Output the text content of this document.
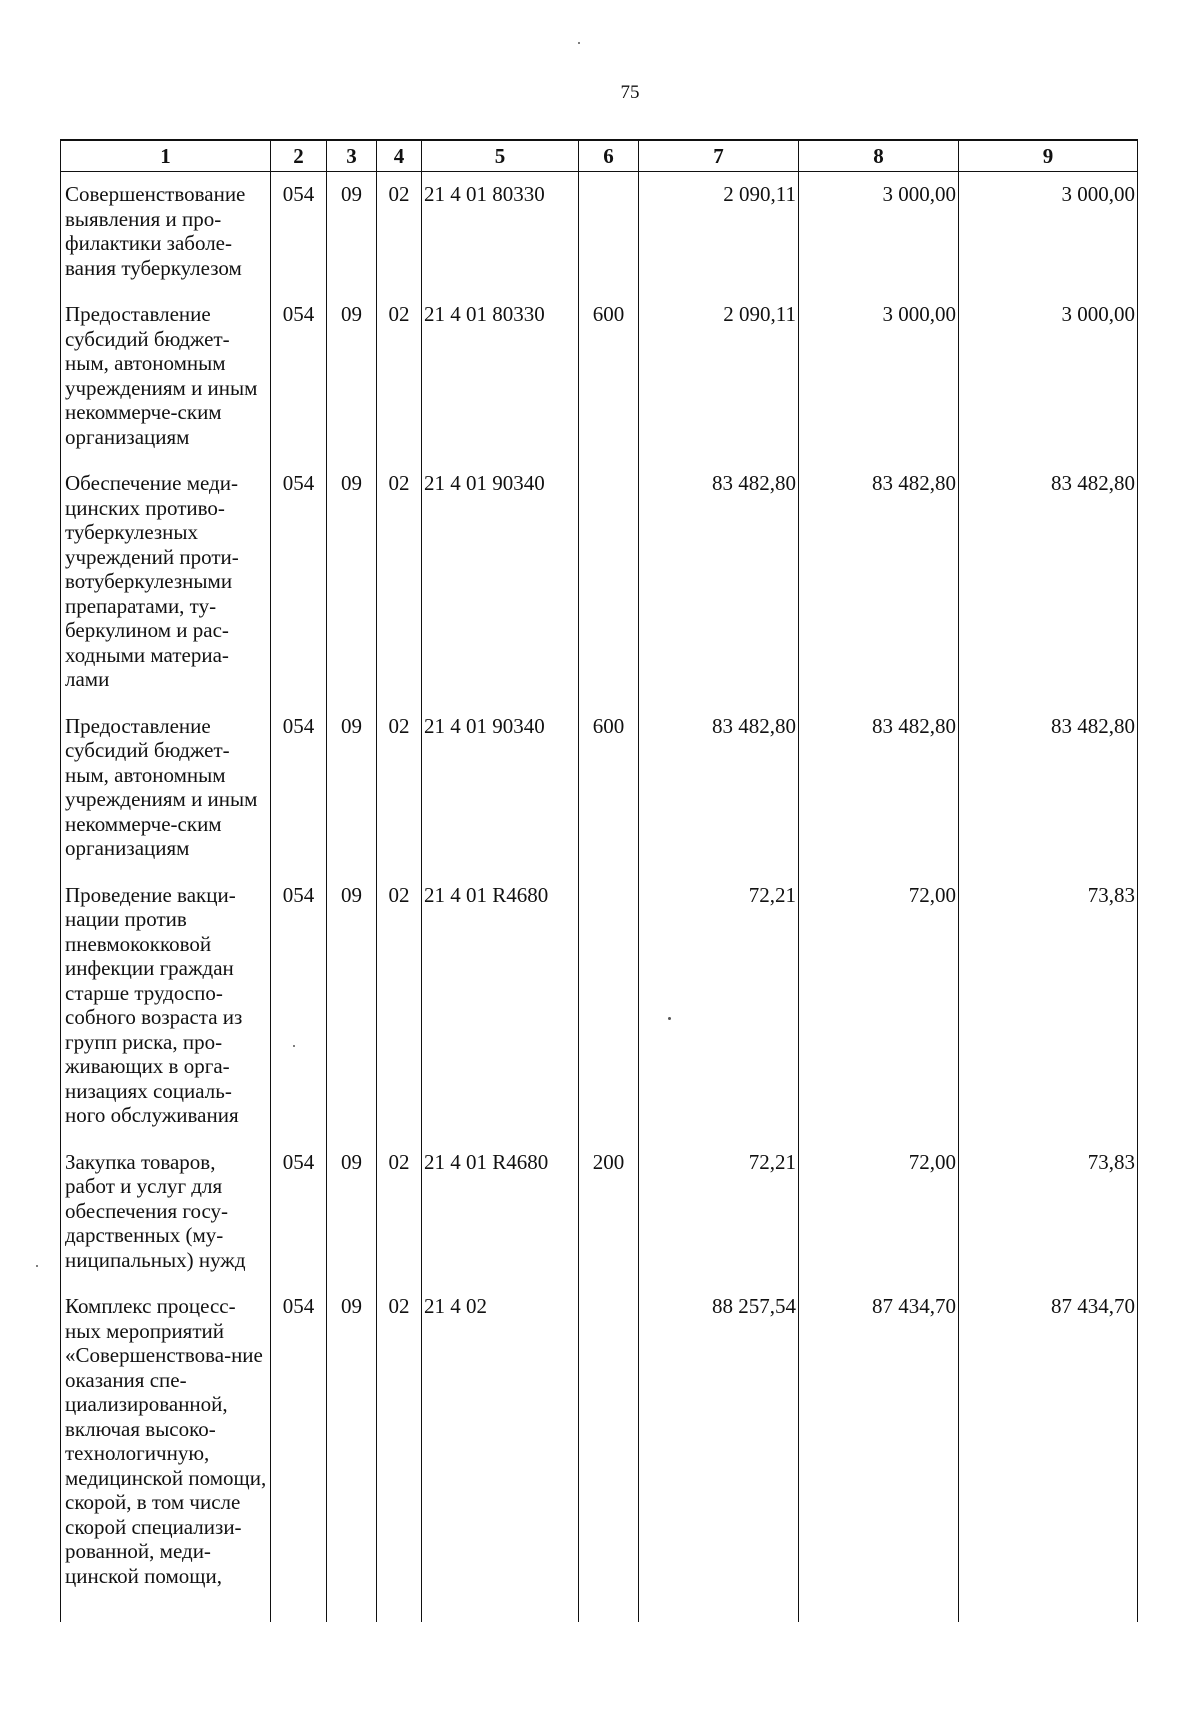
75
1	2	3	4	5	6	7	8	9
Совершенствование выявления и про-филактики заболе-вания туберкулезом	054	09	02	21 4 01 80330		2 090,11	3 000,00	3 000,00
Предоставление субсидий бюджет-ным, автономным учреждениям и иным некоммерче-ским организациям	054	09	02	21 4 01 80330	600	2 090,11	3 000,00	3 000,00
Обеспечение меди-цинских противо-туберкулезных учреждений проти-вотуберкулезными препаратами, ту-беркулином и рас-ходными материа-лами	054	09	02	21 4 01 90340		83 482,80	83 482,80	83 482,80
Предоставление субсидий бюджет-ным, автономным учреждениям и иным некоммерче-ским организациям	054	09	02	21 4 01 90340	600	83 482,80	83 482,80	83 482,80
Проведение вакци-нации против пневмококковой инфекции граждан старше трудоспо-собного возраста из групп риска, про-живающих в орга-низациях социаль-ного обслуживания	054	09	02	21 4 01 R4680		72,21	72,00	73,83
Закупка товаров, работ и услуг для обеспечения госу-дарственных (му-ниципальных) нужд	054	09	02	21 4 01 R4680	200	72,21	72,00	73,83
Комплекс процесс-ных мероприятий «Совершенствова-ние оказания спе-циализированной, включая высоко-технологичную, медицинской помощи, скорой, в том числе скорой специализи-рованной, меди-цинской помощи,	054	09	02	21 4 02		88 257,54	87 434,70	87 434,70
